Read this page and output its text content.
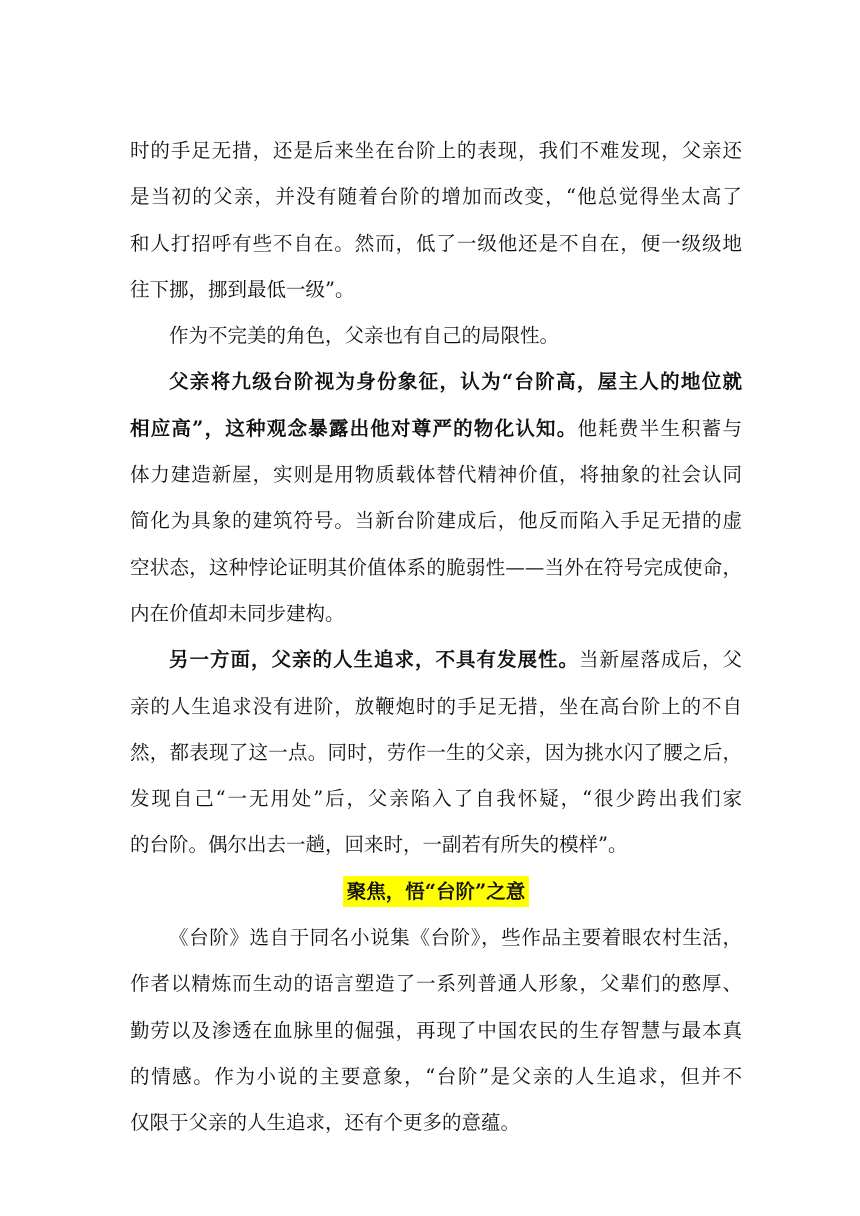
时的手足无措，还是后来坐在台阶上的表现，我们不难发现，父亲还
是当初的父亲，并没有随着台阶的增加而改变，“他总觉得坐太高了
和人打招呼有些不自在。然而，低了一级他还是不自在，便一级级地
往下挪，挪到最低一级”。
作为不完美的角色，父亲也有自己的局限性。
父亲将九级台阶视为身份象征，认为“台阶高，屋主人的地位就
相应高”，这种观念暴露出他对尊严的物化认知。他耗费半生积蓄与
体力建造新屋，实则是用物质载体替代精神价值，将抽象的社会认同
简化为具象的建筑符号。当新台阶建成后，他反而陷入手足无措的虚
空状态，这种悖论证明其价值体系的脆弱性——当外在符号完成使命，
内在价值却未同步建构。
另一方面，父亲的人生追求，不具有发展性。当新屋落成后，父
亲的人生追求没有进阶，放鞭炮时的手足无措，坐在高台阶上的不自
然，都表现了这一点。同时，劳作一生的父亲，因为挑水闪了腰之后，
发现自己“一无用处”后，父亲陷入了自我怀疑，“很少跨出我们家
的台阶。偶尔出去一趟，回来时，一副若有所失的模样”。
聚焦，悟“台阶”之意
《台阶》选自于同名小说集《台阶》，些作品主要着眼农村生活，
作者以精炼而生动的语言塑造了一系列普通人形象，父辈们的憨厚、
勤劳以及渗透在血脉里的倔强，再现了中国农民的生存智慧与最本真
的情感。作为小说的主要意象，“台阶”是父亲的人生追求，但并不
仅限于父亲的人生追求，还有个更多的意蕴。
